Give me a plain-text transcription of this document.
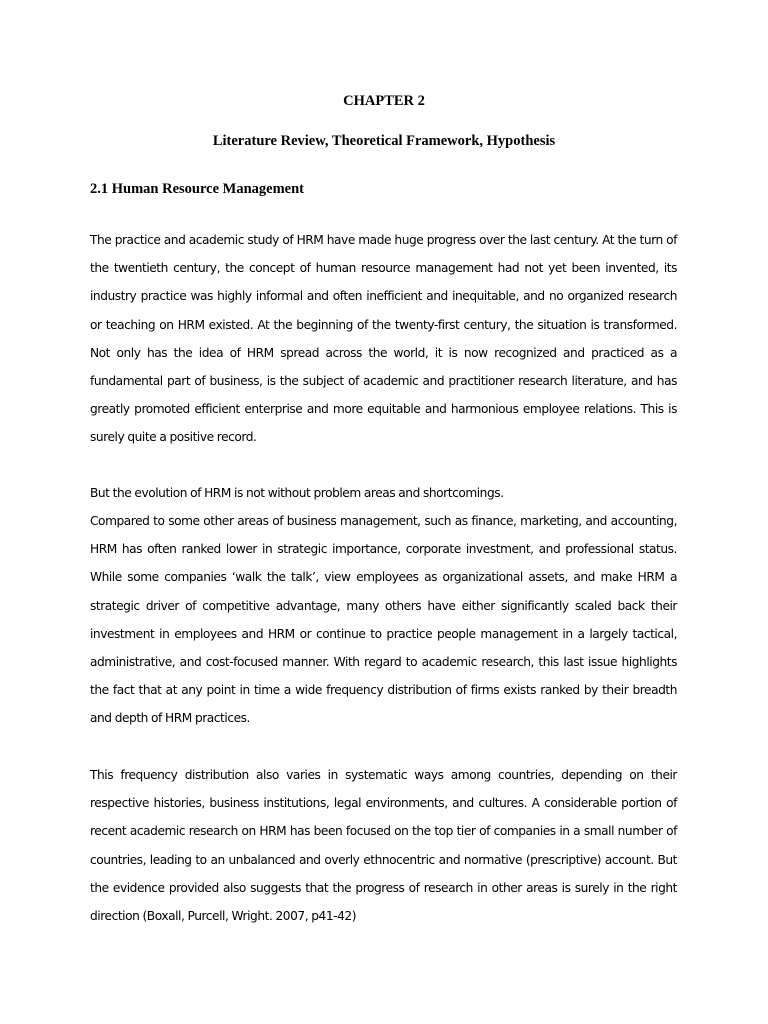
CHAPTER 2
Literature Review, Theoretical Framework, Hypothesis
2.1 Human Resource Management

The practice and academic study of HRM have made huge progress over the last century. At the turn of the twentieth century, the concept of human resource management had not yet been invented, its industry practice was highly informal and often inefficient and inequitable, and no organized research or teaching on HRM existed. At the beginning of the twenty-first century, the situation is transformed. Not only has the idea of HRM spread across the world, it is now recognized and practiced as a fundamental part of business, is the subject of academic and practitioner research literature, and has greatly promoted efficient enterprise and more equitable and harmonious employee relations. This is surely quite a positive record.

But the evolution of HRM is not without problem areas and shortcomings.

Compared to some other areas of business management, such as finance, marketing, and accounting, HRM has often ranked lower in strategic importance, corporate investment, and professional status. While some companies ‘walk the talk’, view employees as organizational assets, and make HRM a strategic driver of competitive advantage, many others have either significantly scaled back their investment in employees and HRM or continue to practice people management in a largely tactical, administrative, and cost-focused manner. With regard to academic research, this last issue highlights the fact that at any point in time a wide frequency distribution of firms exists ranked by their breadth and depth of HRM practices.

This frequency distribution also varies in systematic ways among countries, depending on their respective histories, business institutions, legal environments, and cultures. A considerable portion of recent academic research on HRM has been focused on the top tier of companies in a small number of countries, leading to an unbalanced and overly ethnocentric and normative (prescriptive) account. But the evidence provided also suggests that the progress of research in other areas is surely in the right direction (Boxall, Purcell, Wright. 2007, p41-42)
